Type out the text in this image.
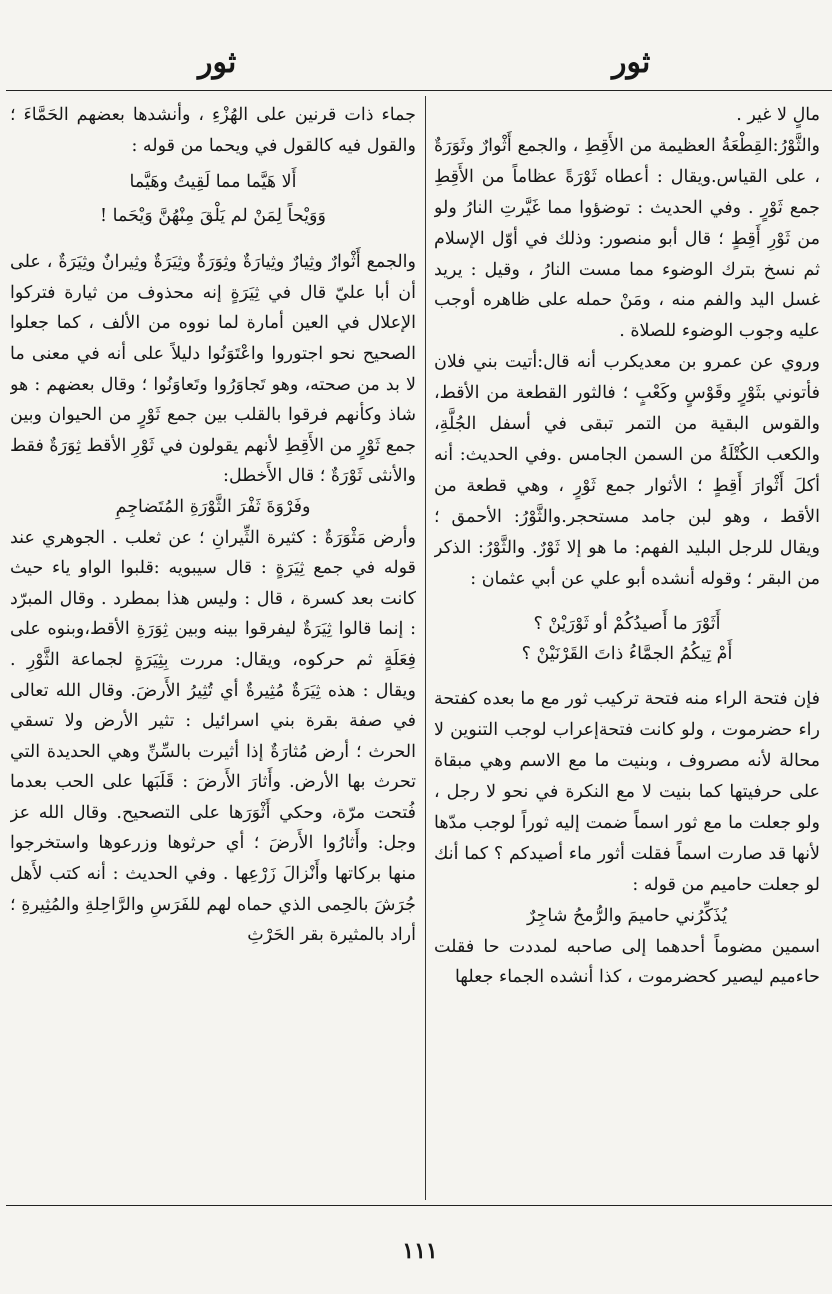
ثور
ثور

مالٍ لا غير .

والثَّوْرُ:القِطْعَةُ العظيمة من الأَقِطِ ، والجمع أَثْوارٌ وثَوَرَةٌ ، على القياس.ويقال : أعطاه ثَوْرَةً عظاماً من الأَقِطِ جمع ثَوْرٍ . وفي الحديث : توضؤوا مما غَيَّرتِ النارُ ولو من ثَوْرِ أَقِطٍ ؛ قال أبو منصور: وذلك في أوّل الإسلام ثم نسخ بترك الوضوء مما مست النارُ ، وقيل : يريد غسل اليد والفم منه ، ومَنْ حمله على ظاهره أوجب عليه وجوب الوضوء للصلاة .

وروي عن عمرو بن معديكرب أنه قال:أتيت بني فلان فأتوني بثَوْرٍ وقَوْسٍ وكَعْبٍ ؛ فالثور القطعة من الأقط، والقوس البقية من التمر تبقى في أسفل الجُلَّةِ، والكعب الكُتْلَةُ من السمن الجامس .وفي الحديث: أنه أكلَ أَثْوارَ أَقِطٍ ؛ الأثوار جمع ثَوْرٍ ، وهي قطعة من الأقط ، وهو لبن جامد مستحجر.والثَّوْرُ: الأحمق ؛ ويقال للرجل البليد الفهم: ما هو إلا ثَوْرٌ. والثَّوْرُ: الذكر من البقر ؛ وقوله أنشده أبو علي عن أبي عثمان :

أَثَوْرَ ما أَصيدُكُمْ أو ثَوْرَيْنْ ؟

أَمْ تِيكُمُ الجمَّاءُ ذاتَ القَرْنَيْنْ ؟

فإن فتحة الراء منه فتحة تركيب ثور مع ما بعده كفتحة راء حضرموت ، ولو كانت فتحةإعراب لوجب التنوين لا محالة لأنه مصروف ، وبنيت ما مع الاسم وهي مبقاة على حرفيتها كما بنيت لا مع النكرة في نحو لا رجل ، ولو جعلت ما مع ثور اسماً ضمت إليه ثوراً لوجب مدّها لأنها قد صارت اسماً فقلت أثور ماء أصيدكم ؟ كما أنك لو جعلت حاميم من قوله :

يُذَكِّرُني حاميمَ والرُّمحُ شاجِرٌ

اسمين مضوماً أحدهما إلى صاحبه لمددت حا فقلت حاءميم ليصير كحضرموت ، كذا أنشده الجماء جعلها

جماء ذات قرنين على الهُزْءِ ، وأنشدها بعضهم الحَمَّاءَ ؛ والقول فيه كالقول في ويحما من قوله :

أَلا هَيَّما مما لَقِيتُ وهَيَّما

وَوَيْحاً لِمَنْ لم يَلْقَ مِنْهُنَّ وَيْحَما !

والجمع أَثْوارٌ وثِيارٌ وثِيارَةٌ وثِوَرَةٌ وثِيَرَةٌ وثِيرانٌ وثِيَرَةٌ ، على أن أبا عليّ قال في ثِيَرَةٍ إنه محذوف من ثيارة فتركوا الإعلال في العين أمارة لما نووه من الألف ، كما جعلوا الصحيح نحو اجتوروا واعْتَوَنُوا دليلاً على أنه في معنى ما لا بد من صحته، وهو تَجاوَرُوا وتَعاوَنُوا ؛ وقال بعضهم : هو شاذ وكأنهم فرقوا بالقلب بين جمع ثَوْرٍ من الحيوان وبين جمع ثَوْرٍ من الأَقِطِ لأنهم يقولون في ثَوْرِ الأقط ثِوَرَةٌ فقط والأنثى ثَوْرَةٌ ؛ قال الأَخطل:

وفَرْوَةَ ثَفْرَ الثَّوْرَةِ المُتَضاجِمِ

وأرض مَثْوَرَةٌ : كثيرة الثِّيرانِ ؛ عن ثعلب . الجوهري عند قوله في جمع ثِيَرَةٍ : قال سيبويه :قلبوا الواو ياء حيث كانت بعد كسرة ، قال : وليس هذا بمطرد . وقال المبرّد : إنما قالوا ثِيَرَةٌ ليفرقوا بينه وبين ثِوَرَةِ الأقط،وبنوه على فِعَلَةٍ ثم حركوه، ويقال: مررت بِثِيَرَةٍ لجماعة الثَّوْرِ . ويقال : هذه ثِيَرَةٌ مُثِيرةٌ أي تُثِيرُ الأَرضَ. وقال الله تعالى في صفة بقرة بني اسرائيل : تثير الأرض ولا تسقي الحرث ؛ أرض مُثارَةٌ إذا أثيرت بالسِّنِّ وهي الحديدة التي تحرث بها الأرض. وأَثارَ الأَرضَ : قَلَبَها على الحب بعدما فُتحت مرّة، وحكي أَثْوَرَها على التصحيح. وقال الله عز وجل: وأَثارُوا الأَرضَ ؛ أي حرثوها وزرعوها واستخرجوا منها بركاتها وأَنْزالَ زَرْعِها . وفي الحديث : أنه كتب لأَهل جُرَشَ بالحِمى الذي حماه لهم للفَرَسِ والرَّاحِلةِ والمُثِيرةِ ؛ أراد بالمثيرة بقر الحَرْثِ

١١١
